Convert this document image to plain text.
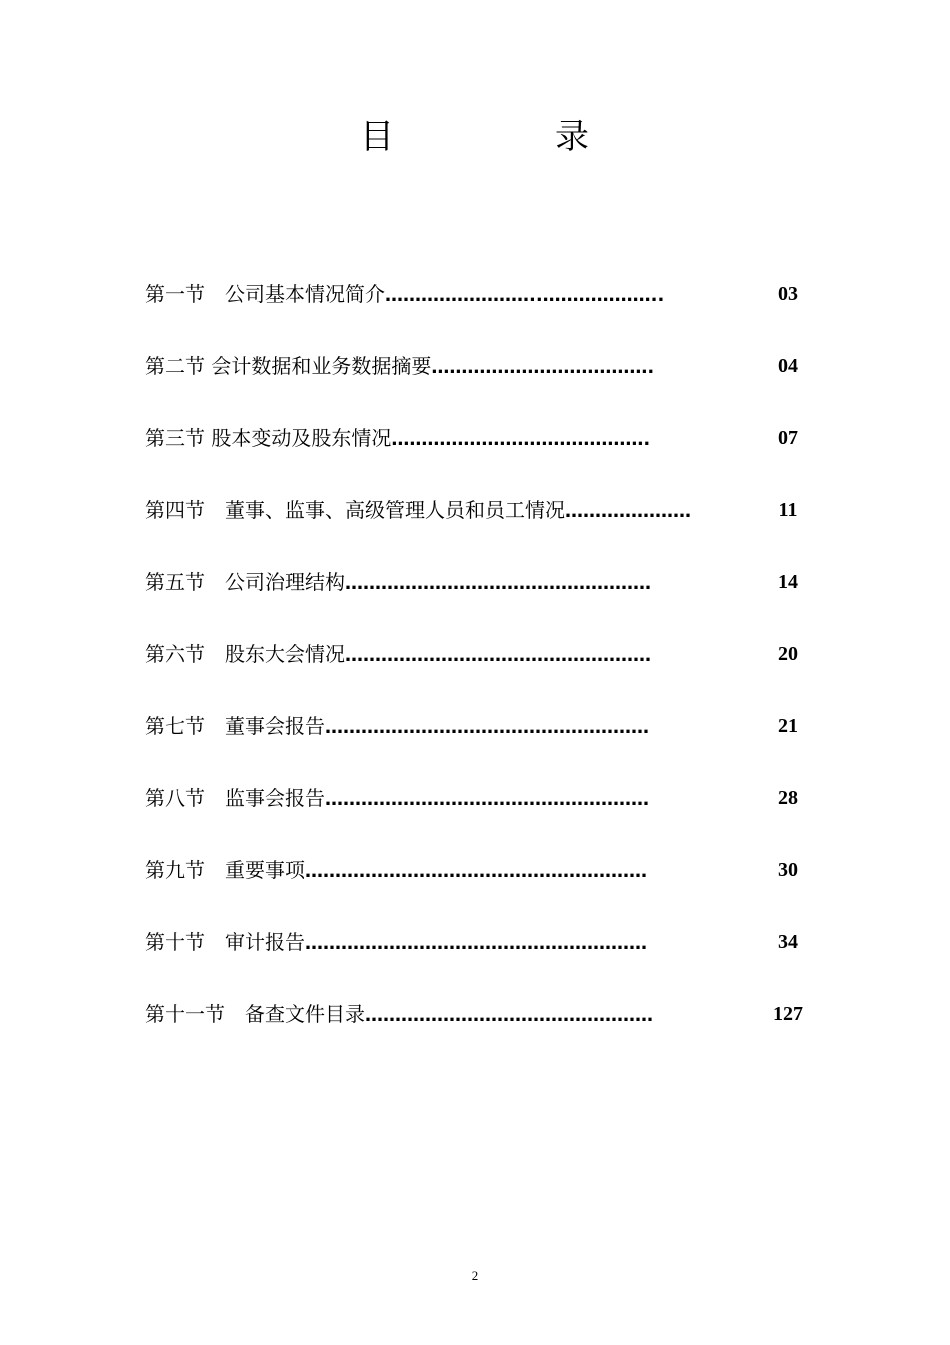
目	录
第一节　 公司基本情况简介……………………..………………..	03
第二节 会计数据和业务数据摘要……………………………….	04
第三节 股本变动及股东情况…………………………………….	07
第四节　 董事、监事、高级管理人员和员工情况…………………	11
第五节　 公司治理结构……………………………………………	14
第六节　 股东大会情况……………………………………………	20
第七节　 董事会报告………………………………………………	21
第八节　 监事会报告………………………………………………	28
第九节　 重要事项…………………………………………………	30
第十节　 审计报告…………………………………………………	34
第十一节　 备查文件目录…………………………………………	127
2
